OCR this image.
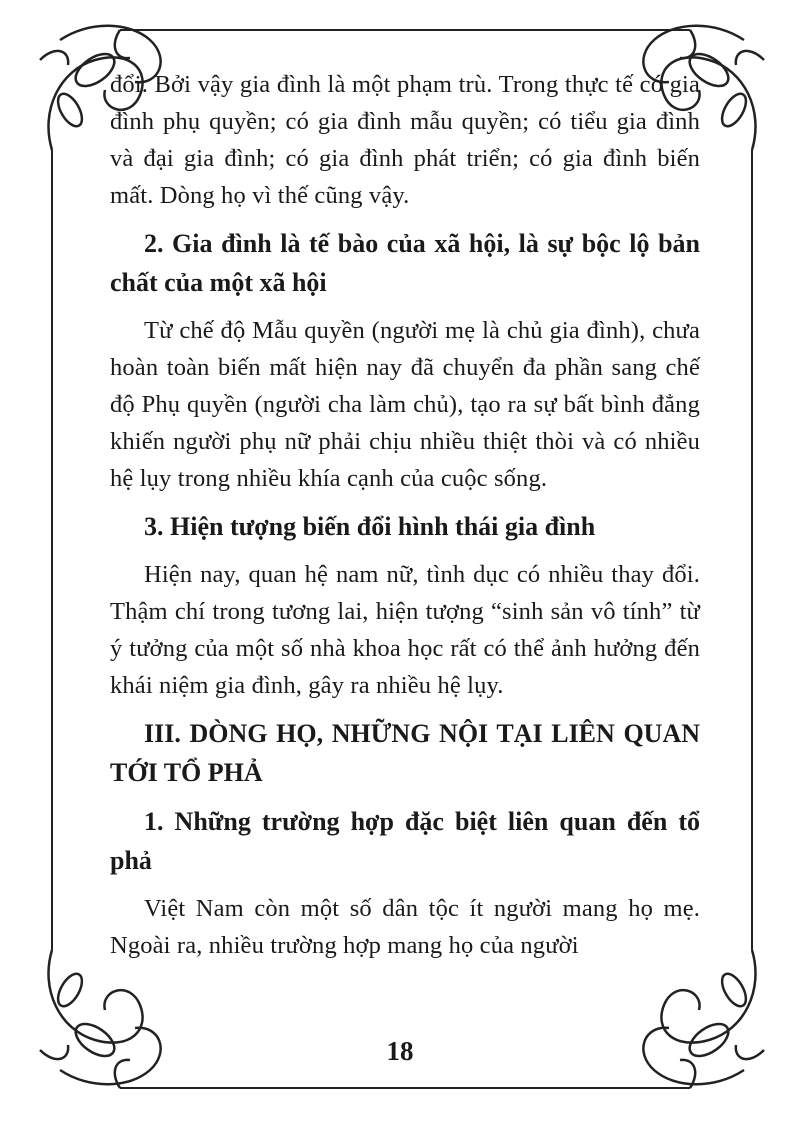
đổi. Bởi vậy gia đình là một phạm trù. Trong thực tế có gia đình phụ quyền; có gia đình mẫu quyền; có tiểu gia đình và đại gia đình; có gia đình phát triển; có gia đình biến mất. Dòng họ vì thế cũng vậy.

2. Gia đình là tế bào của xã hội, là sự bộc lộ bản chất của một xã hội

Từ chế độ Mẫu quyền (người mẹ là chủ gia đình), chưa hoàn toàn biến mất hiện nay đã chuyển đa phần sang chế độ Phụ quyền (người cha làm chủ), tạo ra sự bất bình đẳng khiến người phụ nữ phải chịu nhiều thiệt thòi và có nhiều hệ lụy trong nhiều khía cạnh của cuộc sống.

3. Hiện tượng biến đổi hình thái gia đình

Hiện nay, quan hệ nam nữ, tình dục có nhiều thay đổi. Thậm chí trong tương lai, hiện tượng “sinh sản vô tính” từ ý tưởng của một số nhà khoa học rất có thể ảnh hưởng đến khái niệm gia đình, gây ra nhiều hệ lụy.

III. DÒNG HỌ, NHỮNG NỘI TẠI LIÊN QUAN TỚI TỔ PHẢ
1. Những trường hợp đặc biệt liên quan đến tổ phả

Việt Nam còn một số dân tộc ít người mang họ mẹ. Ngoài ra, nhiều trường hợp mang họ của người

18
